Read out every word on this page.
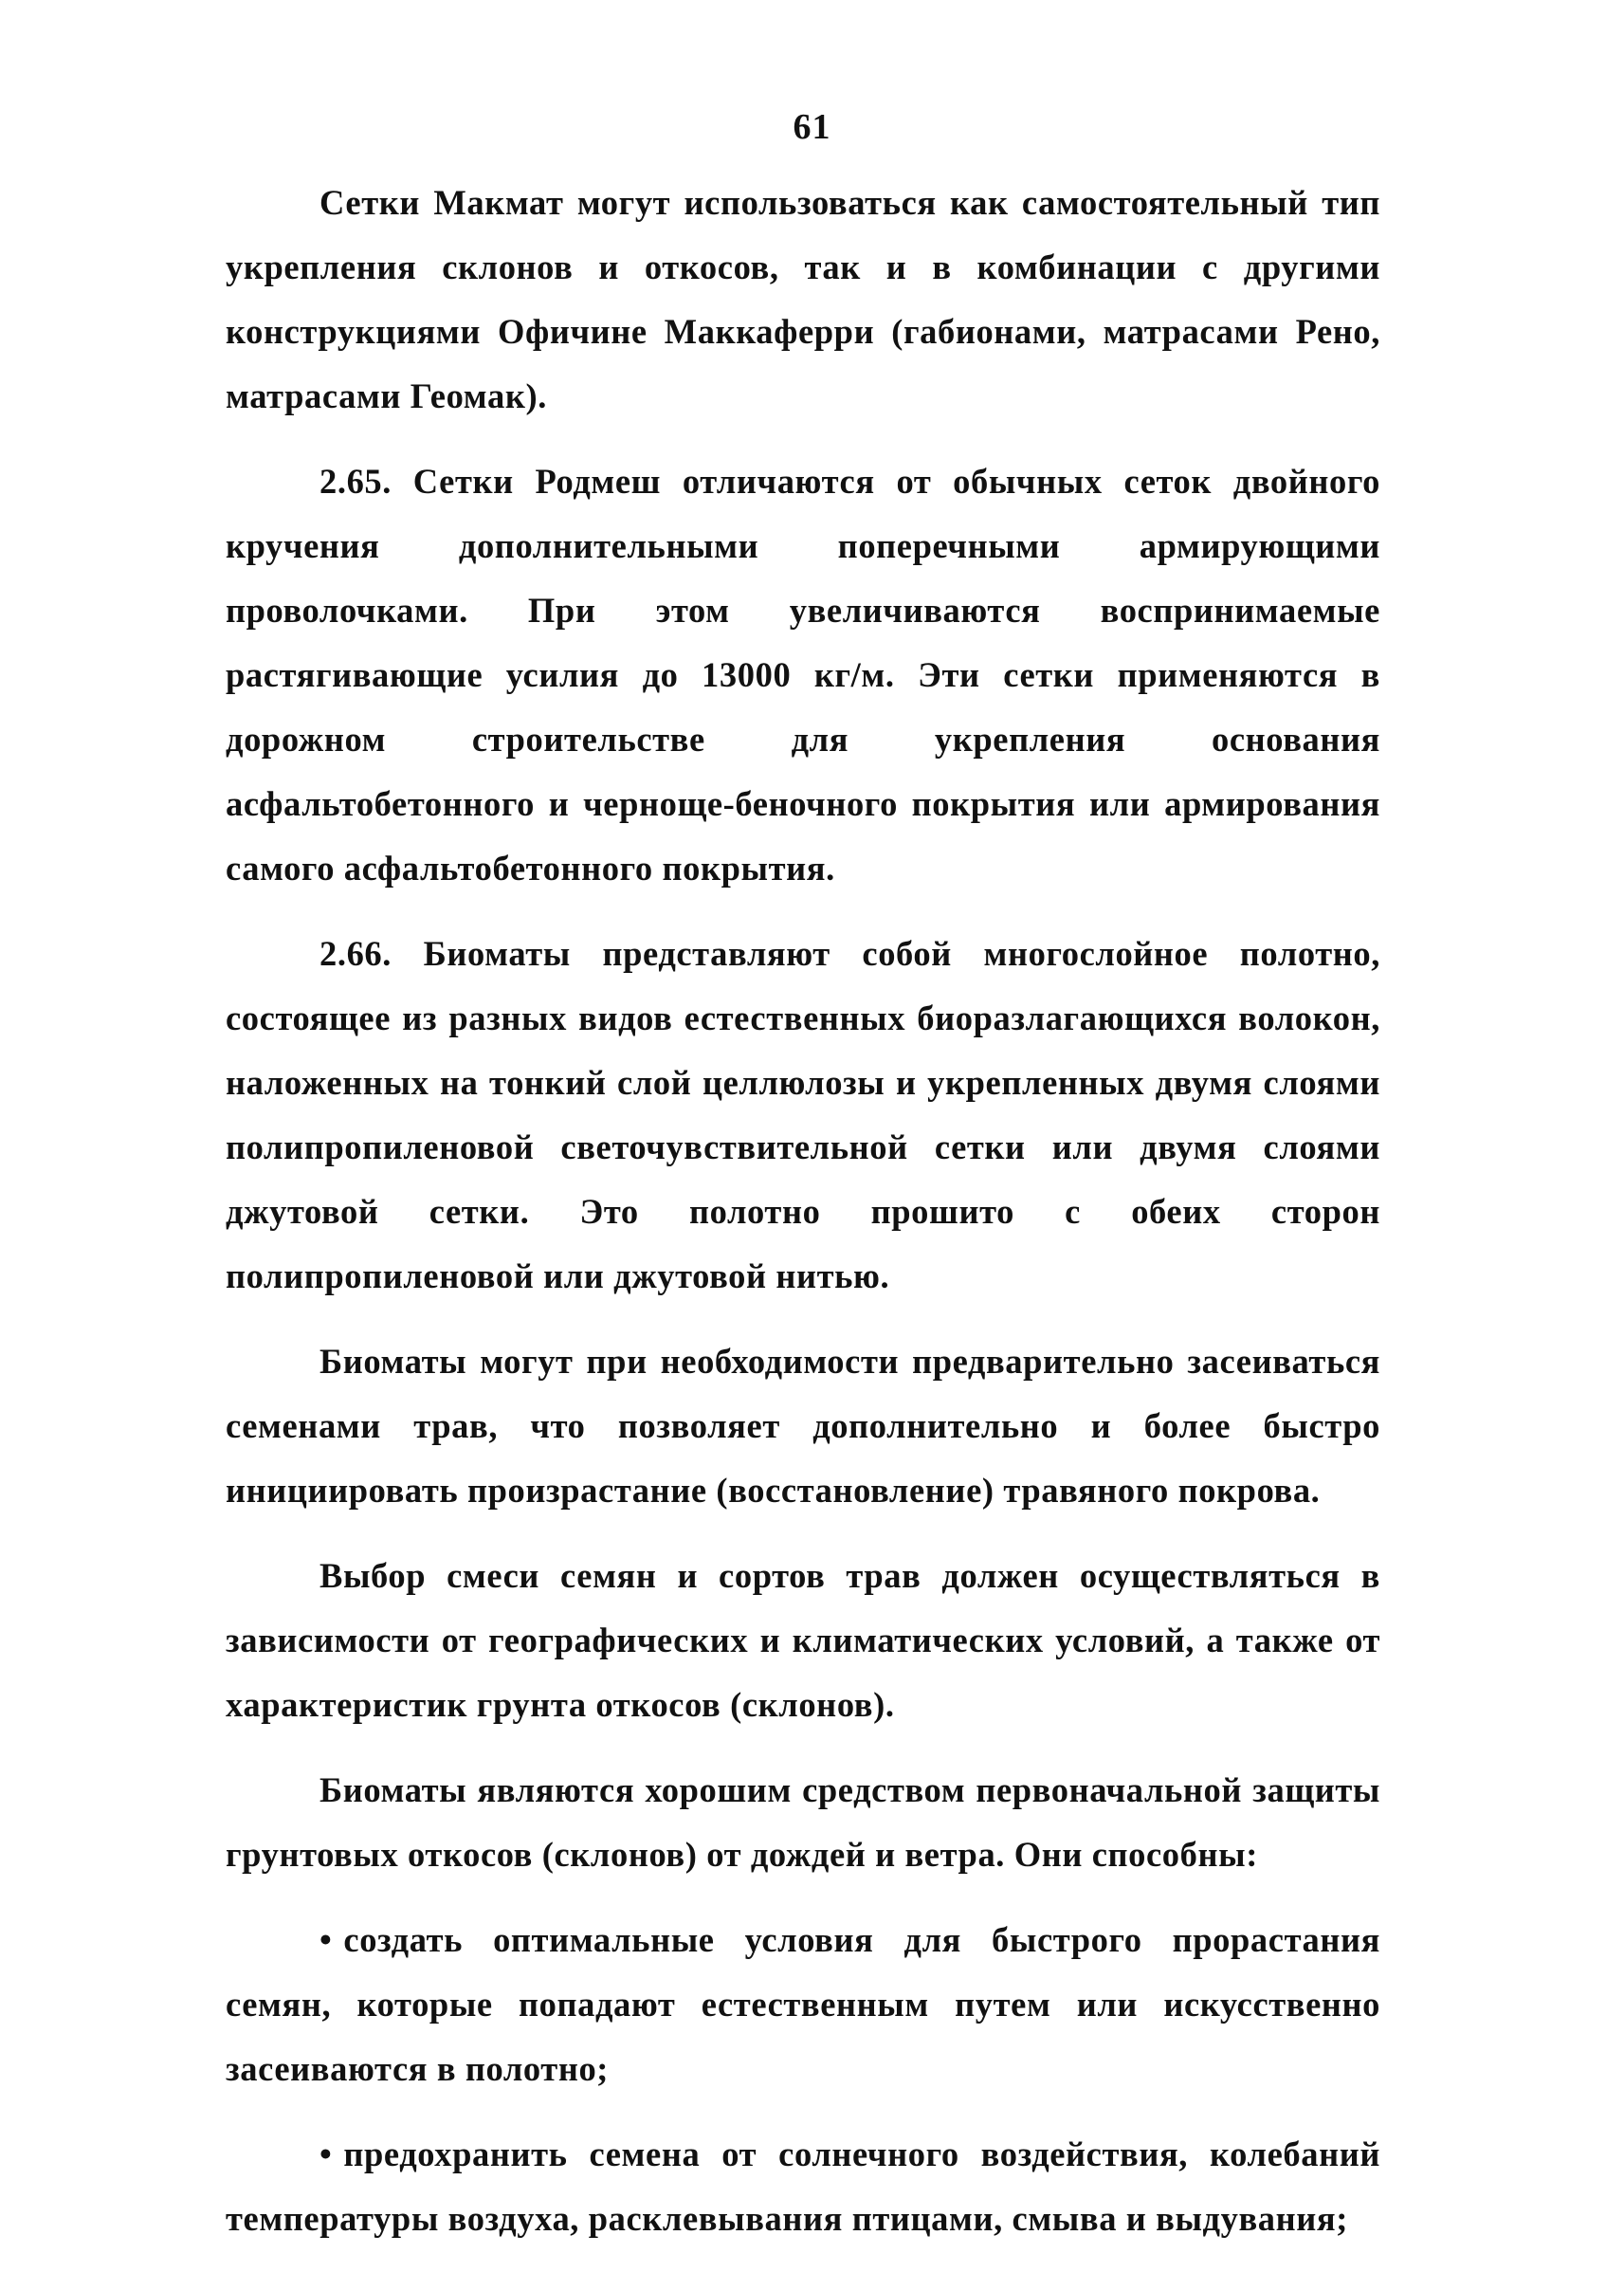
61

Сетки Макмат могут использоваться как самостоятельный тип укрепления склонов и откосов, так и в комбинации с другими конструкциями Офичине Маккаферри (габионами, матрасами Рено, матрасами Геомак).

2.65. Сетки Родмеш отличаются от обычных сеток двойного кручения дополнительными поперечными армирующими проволочками. При этом увеличиваются воспринимаемые растягивающие усилия до 13000 кг/м. Эти сетки применяются в дорожном строительстве для укрепления основания асфальтобетонного и черноще-беночного покрытия или армирования самого асфальтобетонного покрытия.

2.66. Биоматы представляют собой многослойное полотно, состоящее из разных видов естественных биоразлагающихся волокон, наложенных на тонкий слой целлюлозы и укрепленных двумя слоями полипропиленовой светочувствительной сетки или двумя слоями джутовой сетки. Это полотно прошито с обеих сторон полипропиленовой или джутовой нитью.

Биоматы могут при необходимости предварительно засеиваться семенами трав, что позволяет дополнительно и более быстро инициировать произрастание (восстановление) травяного покрова.

Выбор смеси семян и сортов трав должен осуществляться в зависимости от географических и климатических условий, а также от характеристик грунта откосов (склонов).

Биоматы являются хорошим средством первоначальной защиты грунтовых откосов (склонов) от дождей и ветра. Они способны:

• создать оптимальные условия для быстрого прорастания семян, которые попадают естественным путем или искусственно засеиваются в полотно;

• предохранить семена от солнечного воздействия, колебаний температуры воздуха, расклевывания птицами, смыва и выдувания;
